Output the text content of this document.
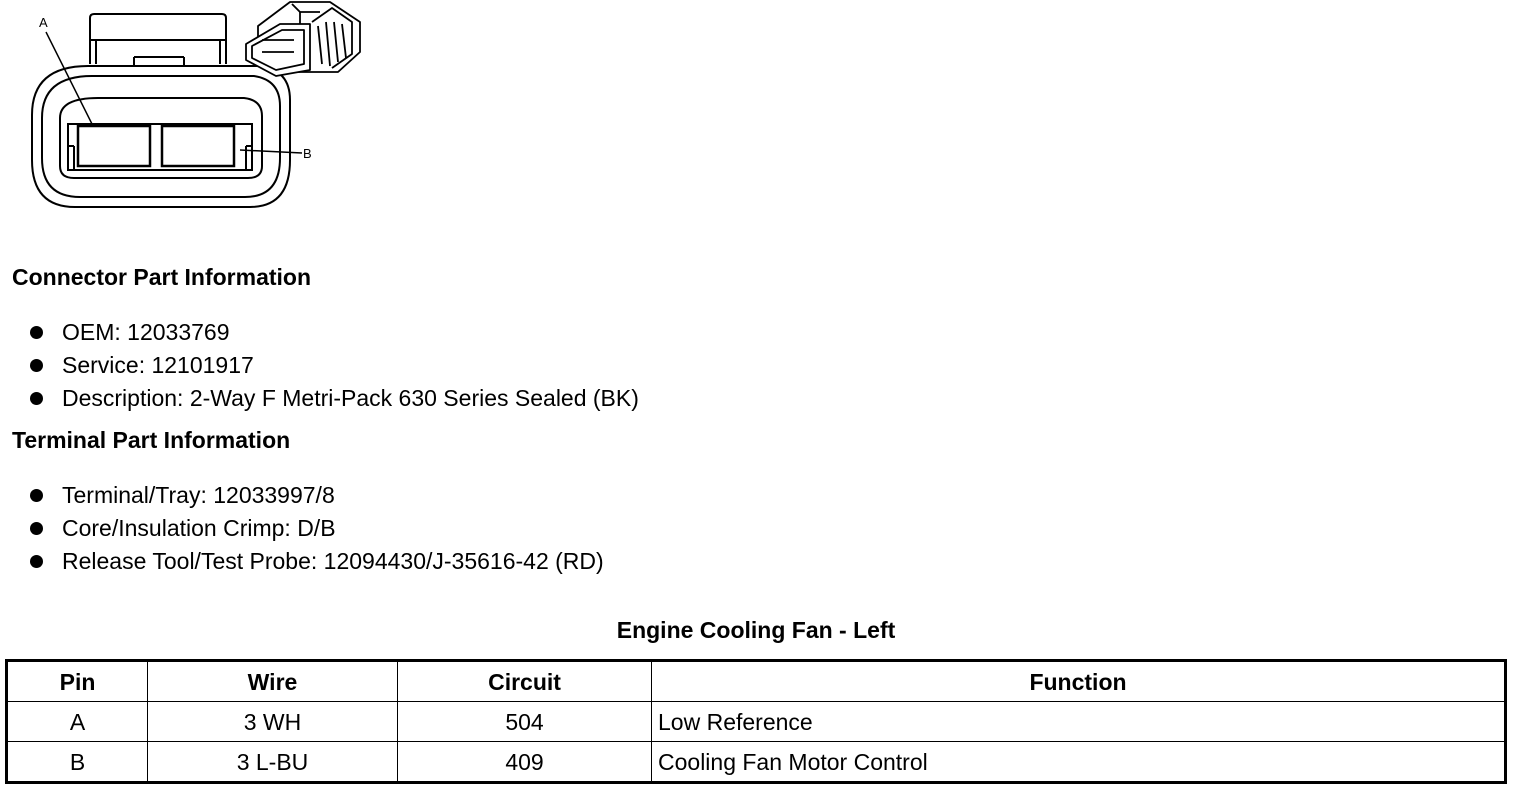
A
B
Connector Part Information
OEM: 12033769
Service: 12101917
Description: 2-Way F Metri-Pack 630 Series Sealed (BK)
Terminal Part Information
Terminal/Tray: 12033997/8
Core/Insulation Crimp: D/B
Release Tool/Test Probe: 12094430/J-35616-42 (RD)
Engine Cooling Fan - Left
Pin	Wire	Circuit	Function
A	3 WH	504	Low Reference
B	3 L-BU	409	Cooling Fan Motor Control
